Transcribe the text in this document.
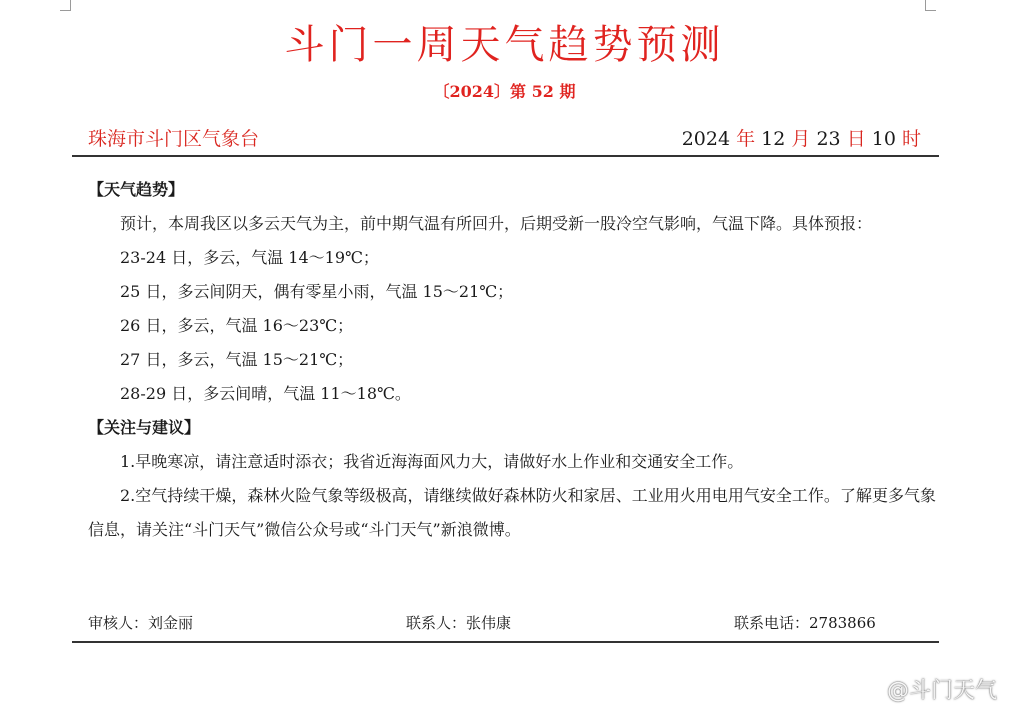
斗门一周天气趋势预测
〔2024〕第 52 期
珠海市斗门区气象台	2024 年 12 月 23 日 10 时
【天气趋势】

预计，本周我区以多云天气为主，前中期气温有所回升，后期受新一股冷空气影响，气温下降。具体预报：

23-24 日，多云，气温 14～19℃；

25 日，多云间阴天，偶有零星小雨，气温 15～21℃；

26 日，多云，气温 16～23℃；

27 日，多云，气温 15～21℃；

28-29 日，多云间晴，气温 11～18℃。

【关注与建议】

1.早晚寒凉，请注意适时添衣；我省近海海面风力大，请做好水上作业和交通安全工作。

2.空气持续干燥，森林火险气象等级极高，请继续做好森林防火和家居、工业用火用电用气安全工作。了解更多气象信息，请关注“斗门天气”微信公众号或“斗门天气”新浪微博。

审核人：刘金丽	联系人：张伟康	联系电话：2783866
@斗门天气
